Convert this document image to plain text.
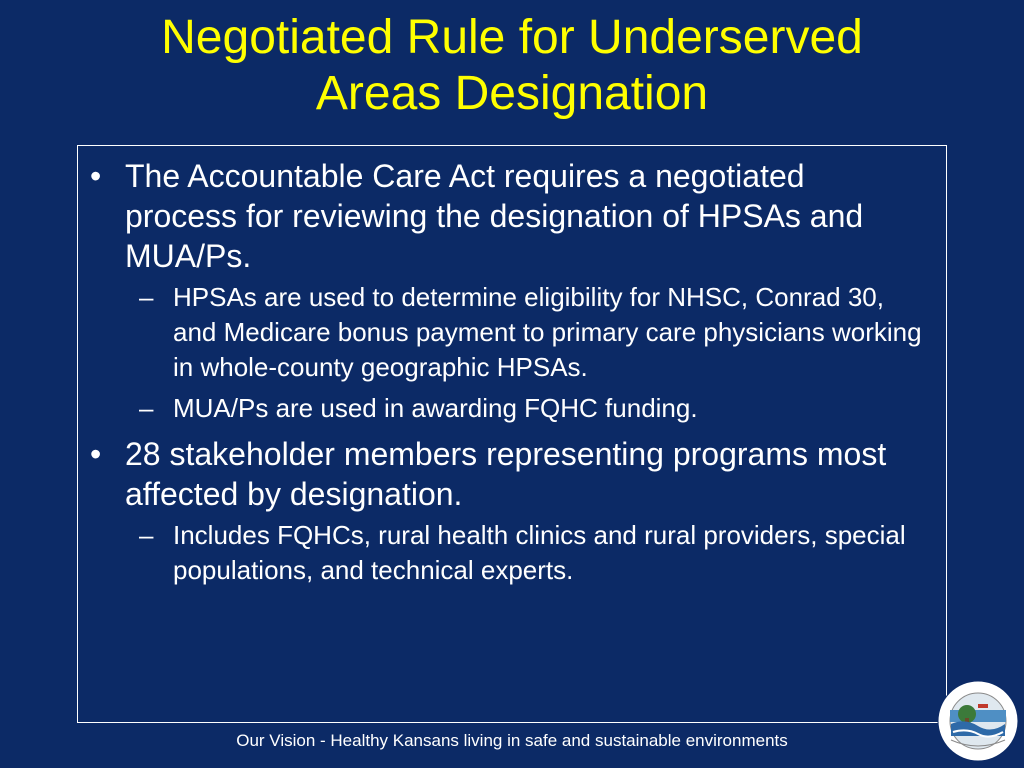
Negotiated Rule for Underserved
Areas Designation
• The Accountable Care Act requires a negotiated process for reviewing the designation of HPSAs and MUA/Ps.
– HPSAs are used to determine eligibility for NHSC, Conrad 30, and Medicare bonus payment to primary care physicians working in whole-county geographic HPSAs.
– MUA/Ps are used in awarding FQHC funding.
• 28 stakeholder members representing programs most affected by designation.
– Includes FQHCs, rural health clinics and rural providers, special populations, and technical experts.
Our Vision - Healthy Kansans living in safe and sustainable environments
